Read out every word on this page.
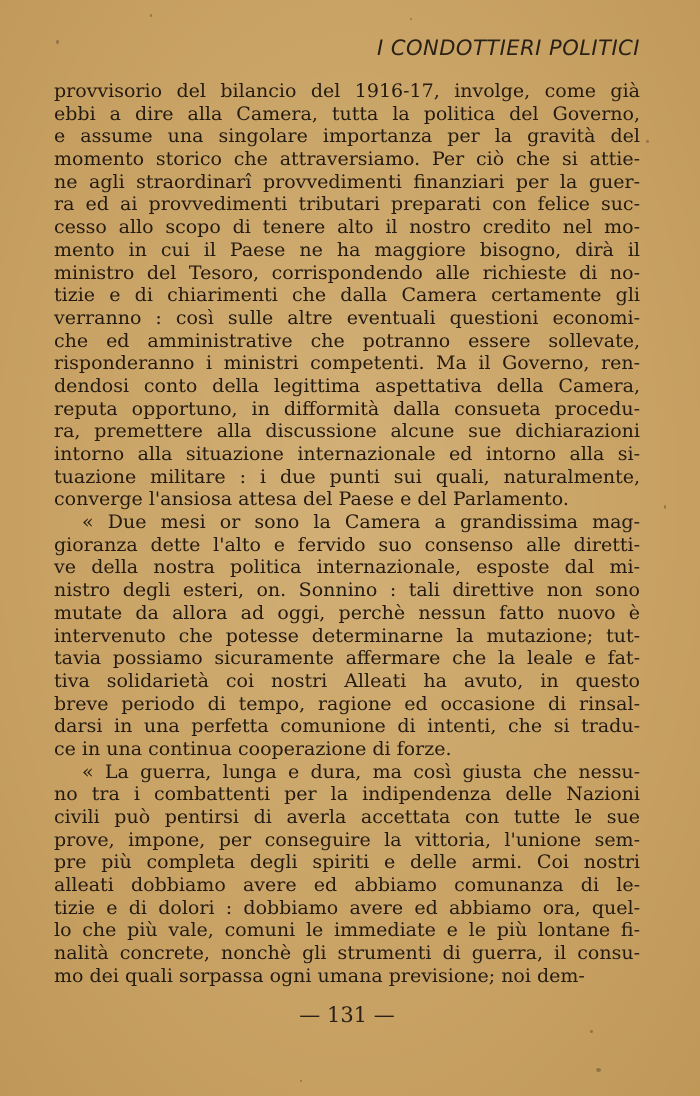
I CONDOTTIERI POLITICI
provvisorio del bilancio del 1916-17, involge, come già
ebbi a dire alla Camera, tutta la politica del Governo,
e assume una singolare importanza per la gravità del
momento storico che attraversiamo. Per ciò che si attie-
ne agli straordinarî provvedimenti finanziari per la guer-
ra ed ai provvedimenti tributari preparati con felice suc-
cesso allo scopo di tenere alto il nostro credito nel mo-
mento in cui il Paese ne ha maggiore bisogno, dirà il
ministro del Tesoro, corrispondendo alle richieste di no-
tizie e di chiarimenti che dalla Camera certamente gli
verranno : così sulle altre eventuali questioni economi-
che ed amministrative che potranno essere sollevate,
risponderanno i ministri competenti. Ma il Governo, ren-
dendosi conto della legittima aspettativa della Camera,
reputa opportuno, in difformità dalla consueta procedu-
ra, premettere alla discussione alcune sue dichiarazioni
intorno alla situazione internazionale ed intorno alla si-
tuazione militare : i due punti sui quali, naturalmente,
converge l'ansiosa attesa del Paese e del Parlamento.
« Due mesi or sono la Camera a grandissima mag-
gioranza dette l'alto e fervido suo consenso alle diretti-
ve della nostra politica internazionale, esposte dal mi-
nistro degli esteri, on. Sonnino : tali direttive non sono
mutate da allora ad oggi, perchè nessun fatto nuovo è
intervenuto che potesse determinarne la mutazione; tut-
tavia possiamo sicuramente affermare che la leale e fat-
tiva solidarietà coi nostri Alleati ha avuto, in questo
breve periodo di tempo, ragione ed occasione di rinsal-
darsi in una perfetta comunione di intenti, che si tradu-
ce in una continua cooperazione di forze.
« La guerra, lunga e dura, ma così giusta che nessu-
no tra i combattenti per la indipendenza delle Nazioni
civili può pentirsi di averla accettata con tutte le sue
prove, impone, per conseguire la vittoria, l'unione sem-
pre più completa degli spiriti e delle armi. Coi nostri
alleati dobbiamo avere ed abbiamo comunanza di le-
tizie e di dolori : dobbiamo avere ed abbiamo ora, quel-
lo che più vale, comuni le immediate e le più lontane fi-
nalità concrete, nonchè gli strumenti di guerra, il consu-
mo dei quali sorpassa ogni umana previsione; noi dem-
— 131 —
